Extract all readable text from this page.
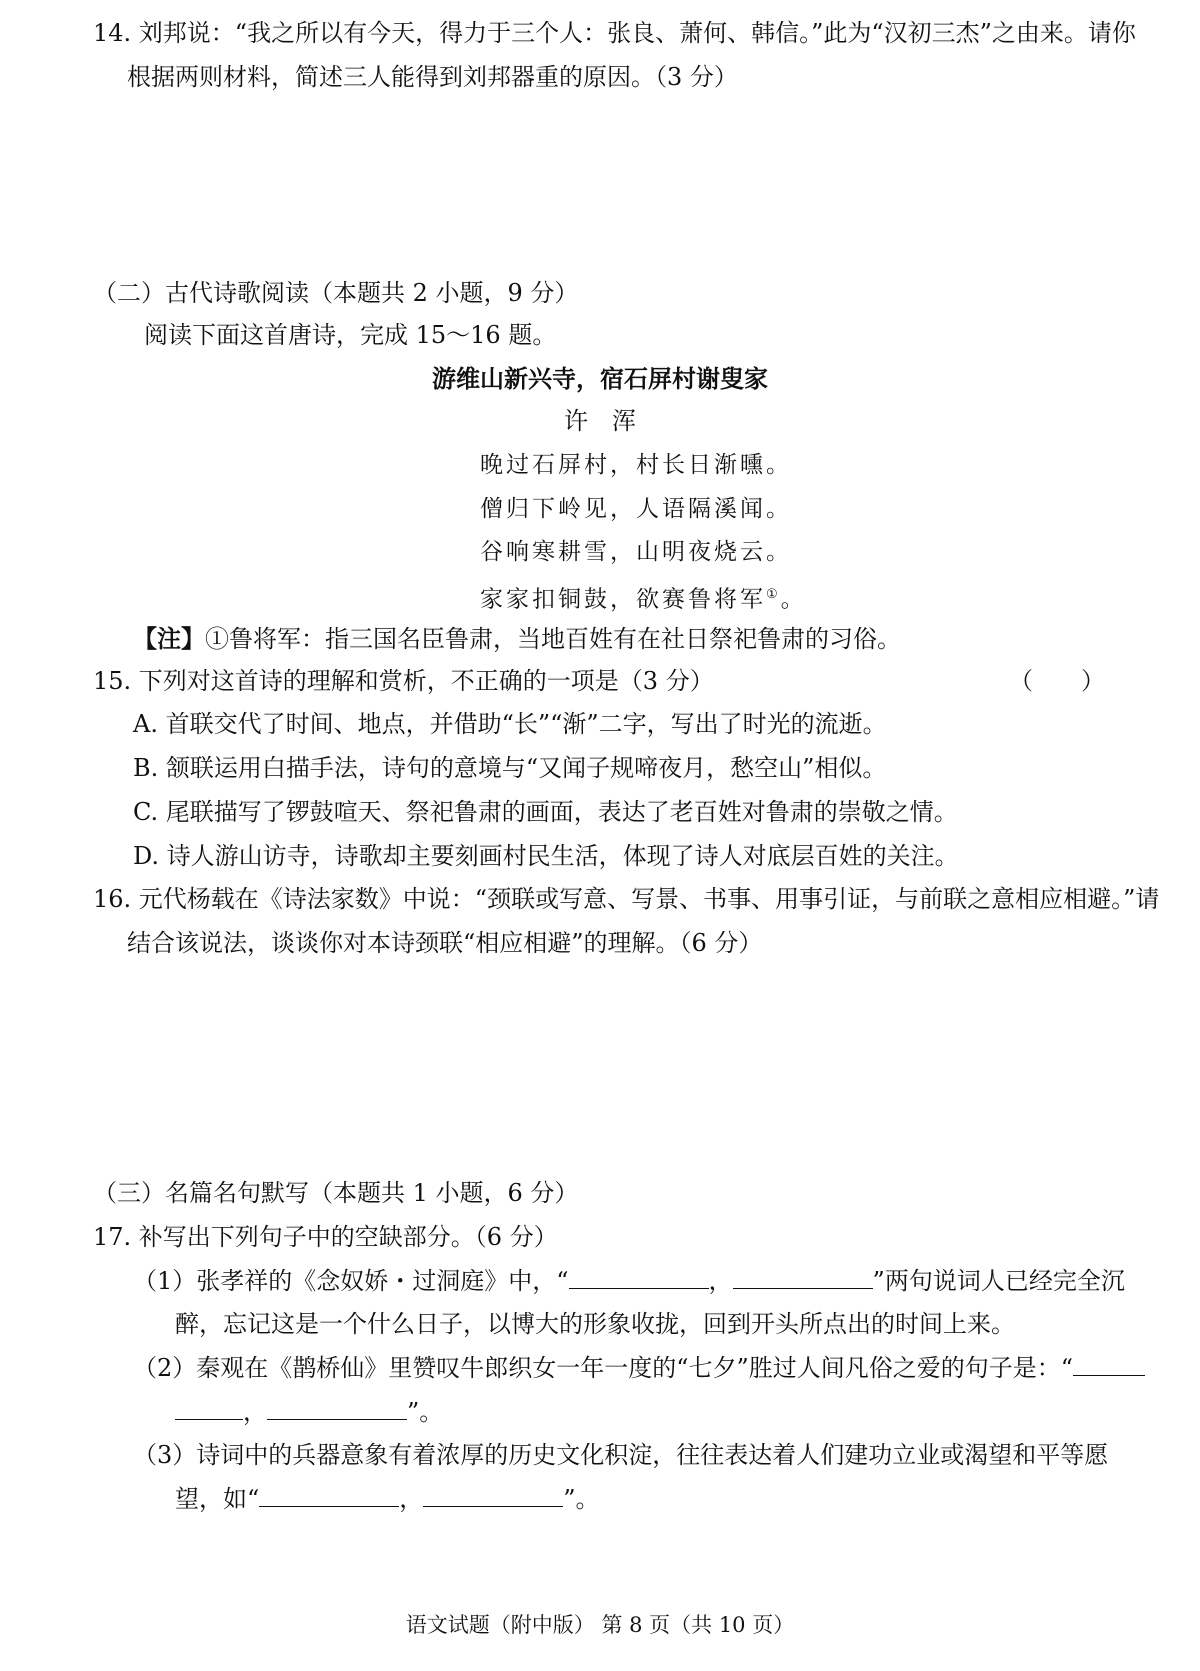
14. 刘邦说：“我之所以有今天，得力于三个人：张良、萧何、韩信。”此为“汉初三杰”之由来。请你
根据两则材料，简述三人能得到刘邦器重的原因。（3 分）
（二）古代诗歌阅读（本题共 2 小题，9 分）
阅读下面这首唐诗，完成 15～16 题。
游维山新兴寺，宿石屏村谢叟家
许　浑
晚过石屏村，村长日渐曛。
僧归下岭见，人语隔溪闻。
谷响寒耕雪，山明夜烧云。
家家扣铜鼓，欲赛鲁将军①。
【注】①鲁将军：指三国名臣鲁肃，当地百姓有在社日祭祀鲁肃的习俗。
15. 下列对这首诗的理解和赏析，不正确的一项是（3 分）	（　　）
A. 首联交代了时间、地点，并借助“长”“渐”二字，写出了时光的流逝。
B. 颔联运用白描手法，诗句的意境与“又闻子规啼夜月，愁空山”相似。
C. 尾联描写了锣鼓喧天、祭祀鲁肃的画面，表达了老百姓对鲁肃的崇敬之情。
D. 诗人游山访寺，诗歌却主要刻画村民生活，体现了诗人对底层百姓的关注。
16. 元代杨载在《诗法家数》中说：“颈联或写意、写景、书事、用事引证，与前联之意相应相避。”请
结合该说法，谈谈你对本诗颈联“相应相避”的理解。（6 分）
（三）名篇名句默写（本题共 1 小题，6 分）
17. 补写出下列句子中的空缺部分。（6 分）
（1）张孝祥的《念奴娇・过洞庭》中，“	，	”两句说词人已经完全沉
醉，忘记这是一个什么日子，以博大的形象收拢，回到开头所点出的时间上来。
（2）秦观在《鹊桥仙》里赞叹牛郎织女一年一度的“七夕”胜过人间凡俗之爱的句子是：“
，	”。
（3）诗词中的兵器意象有着浓厚的历史文化积淀，往往表达着人们建功立业或渴望和平等愿
望，如“	，	”。
语文试题（附中版） 第 8 页（共 10 页）
